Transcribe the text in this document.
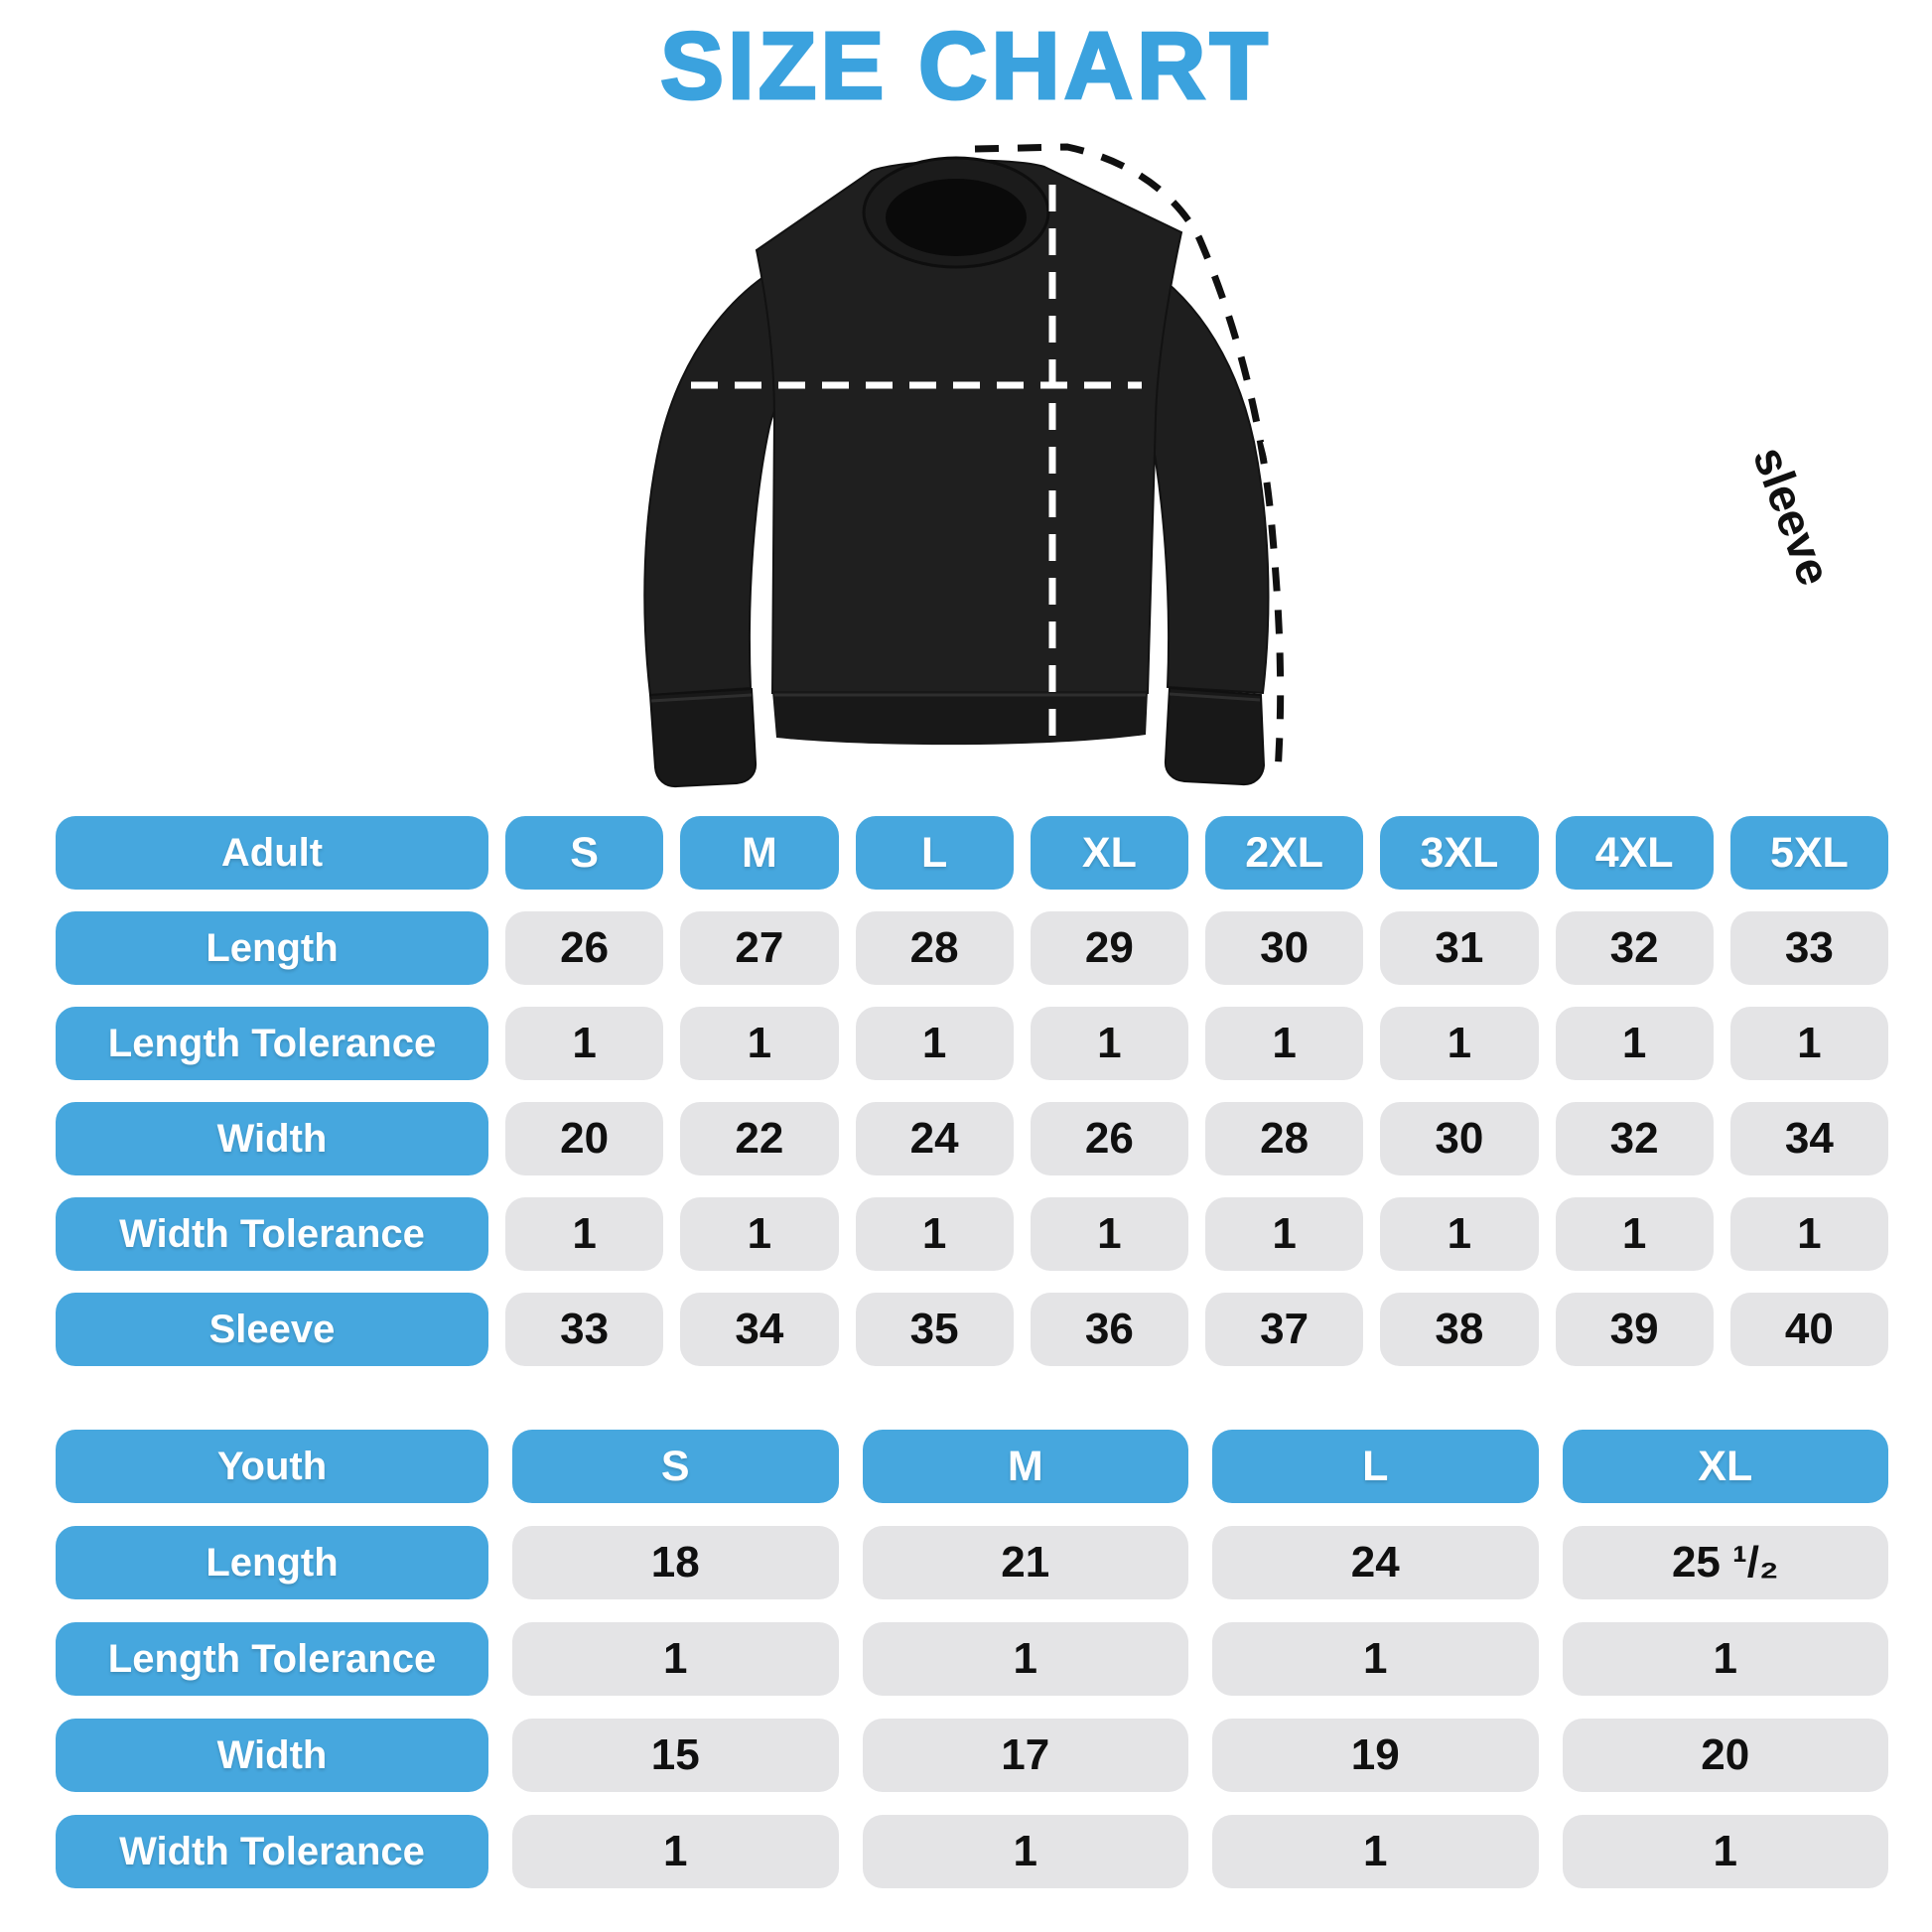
SIZE CHART
width	length
sleeve
Adult	S	M	L	XL	2XL	3XL	4XL	5XL
Length	26	27	28	29	30	31	32	33
Length Tolerance	1	1	1	1	1	1	1	1
Width	20	22	24	26	28	30	32	34
Width Tolerance	1	1	1	1	1	1	1	1
Sleeve	33	34	35	36	37	38	39	40
Youth	S	M	L	XL
Length	18	21	24	25 ¹/₂
Length Tolerance	1	1	1	1
Width	15	17	19	20
Width Tolerance	1	1	1	1
